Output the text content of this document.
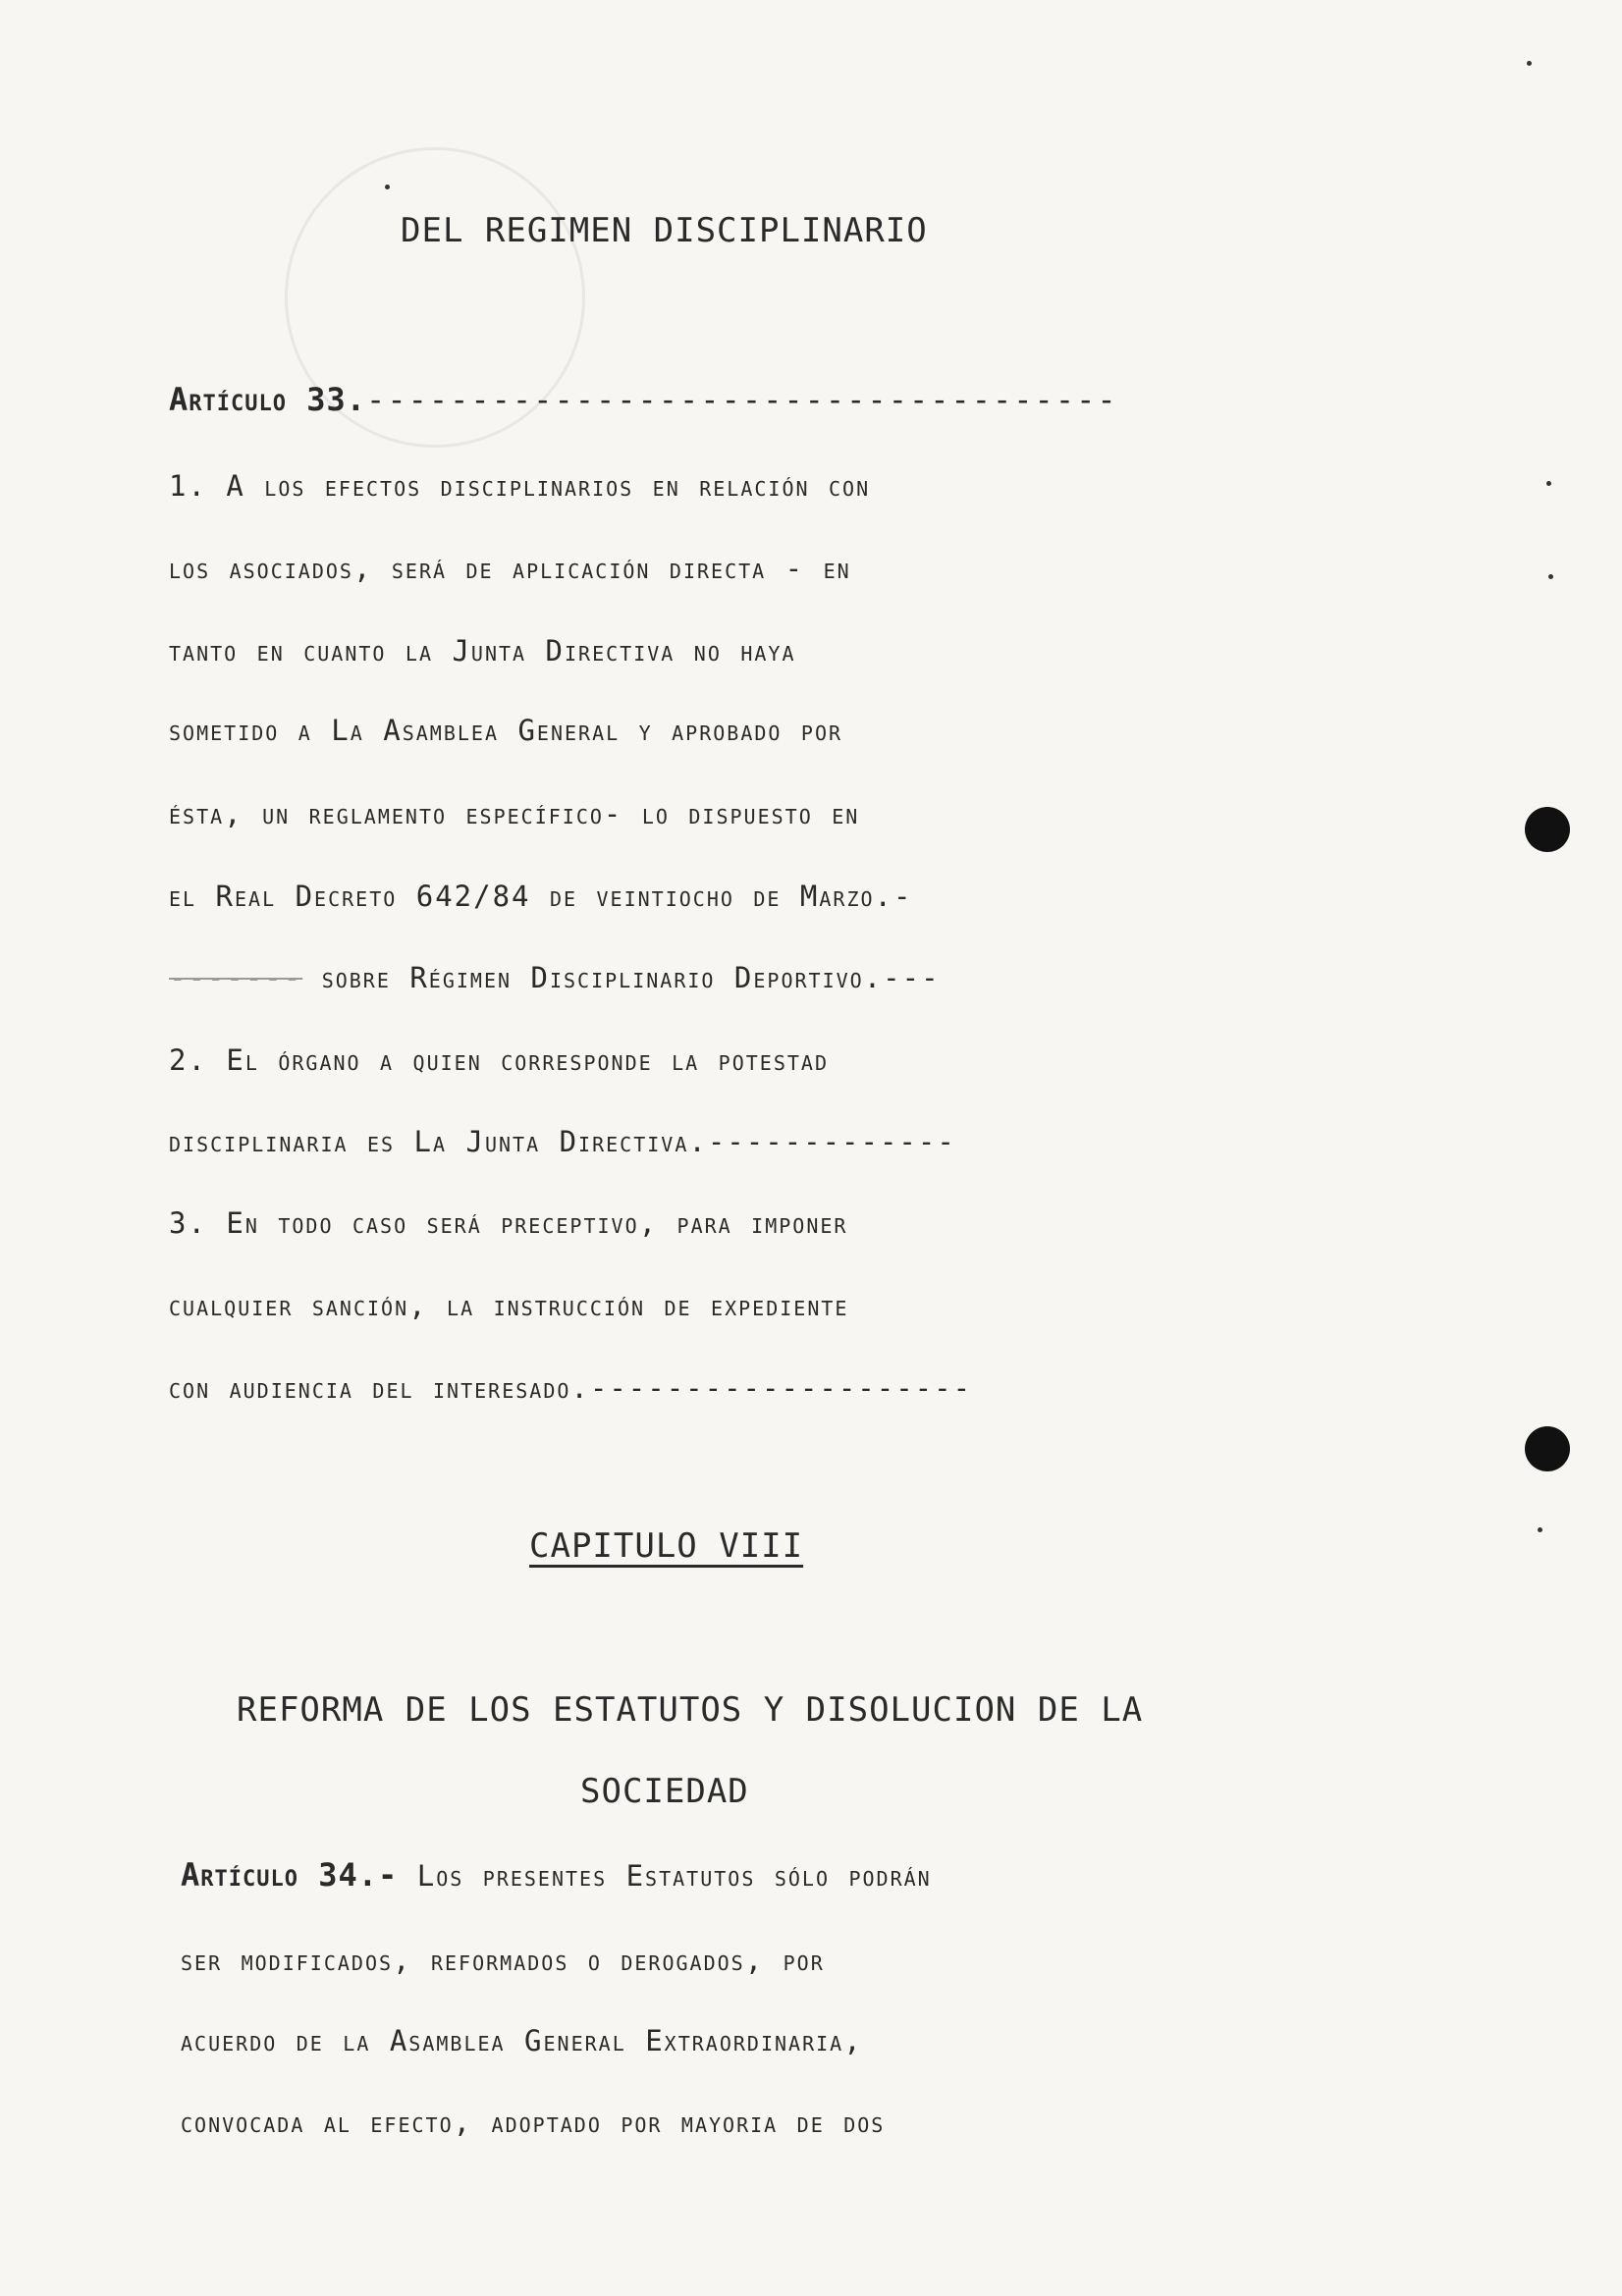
DEL REGIMEN DISCIPLINARIO
Artículo 33.------------------------------------
1. A los efectos disciplinarios en relación con
los asociados, será de aplicación directa - en
tanto en cuanto la Junta Directiva no haya
sometido a La Asamblea General y aprobado por
ésta, un reglamento específico- lo dispuesto en
el Real Decreto 642/84 de veintiocho de Marzo.-
------- sobre Régimen Disciplinario Deportivo.---
2. El órgano a quien corresponde la potestad
disciplinaria es La Junta Directiva.-------------
3. En todo caso será preceptivo, para imponer
cualquier sanción, la instrucción de expediente
con audiencia del interesado.--------------------
CAPITULO VIII
REFORMA DE LOS ESTATUTOS Y DISOLUCION DE LA
SOCIEDAD
Artículo 34.- Los presentes Estatutos sólo podrán
ser modificados, reformados o derogados, por
acuerdo de la Asamblea General Extraordinaria,
convocada al efecto, adoptado por mayoria de dos
